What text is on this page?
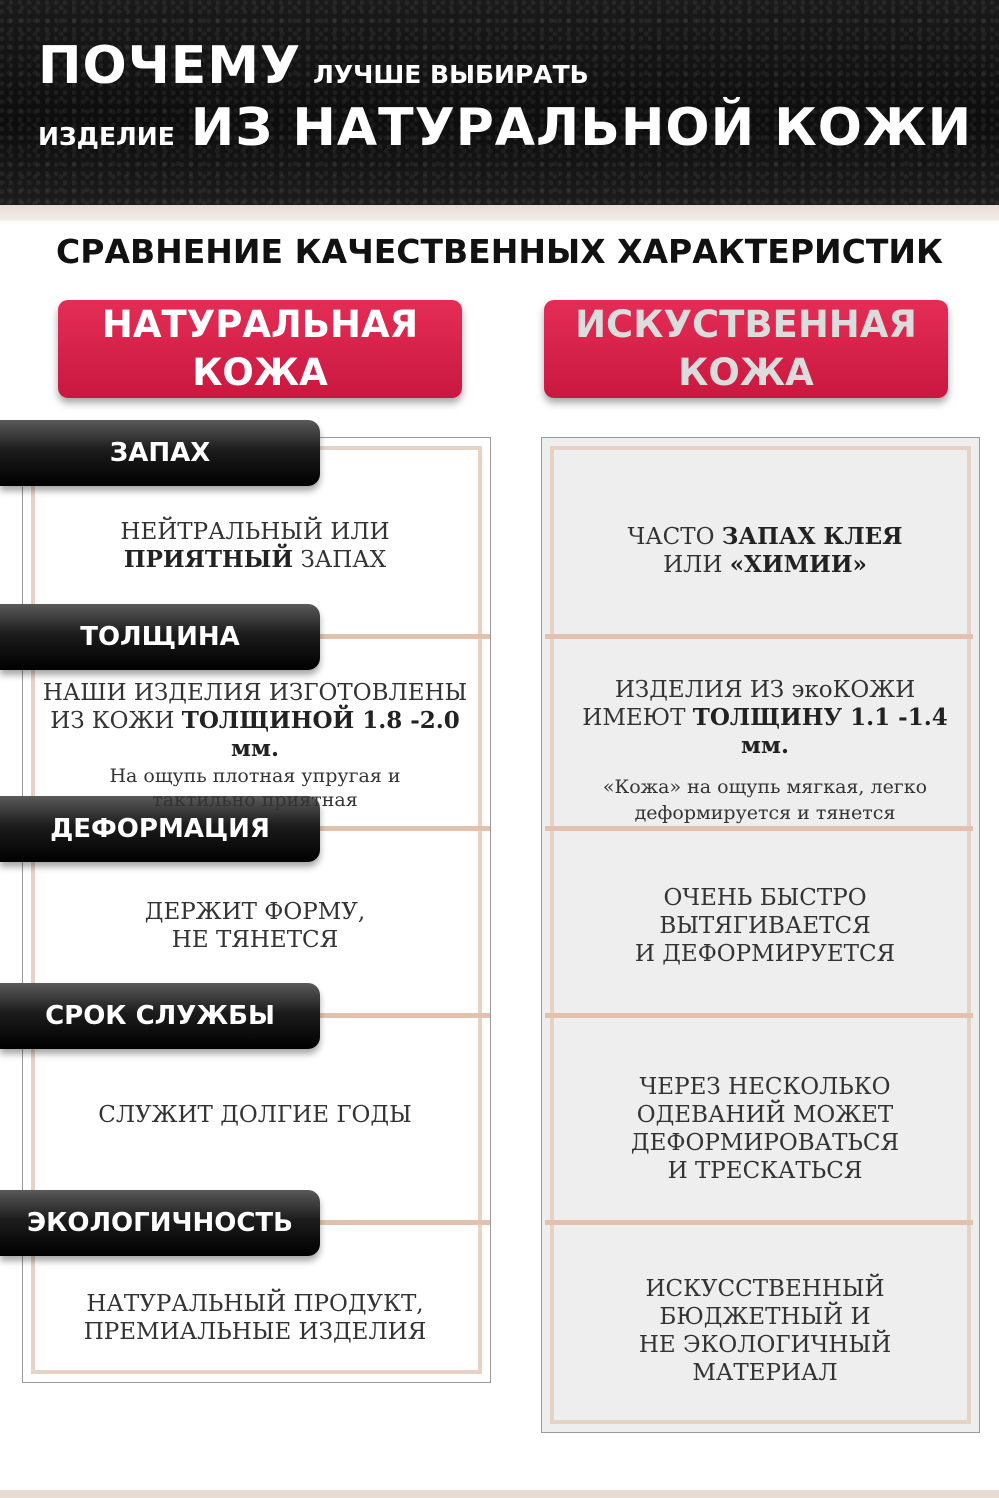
ПОЧЕМУ ЛУЧШЕ ВЫБИРАТЬ
ИЗДЕЛИЕ ИЗ НАТУРАЛЬНОЙ КОЖИ
СРАВНЕНИЕ КАЧЕСТВЕННЫХ ХАРАКТЕРИСТИК
НАТУРАЛЬНАЯ
КОЖА
ИСКУСТВЕННАЯ
КОЖА
ЗАПАХ
ТОЛЩИНА
ДЕФОРМАЦИЯ
СРОК СЛУЖБЫ
ЭКОЛОГИЧНОСТЬ
НЕЙТРАЛЬНЫЙ ИЛИ
ПРИЯТНЫЙ ЗАПАХ
ЧАСТО ЗАПАХ КЛЕЯ
ИЛИ «ХИМИИ»
НАШИ ИЗДЕЛИЯ ИЗГОТОВЛЕНЫ
ИЗ КОЖИ ТОЛЩИНОЙ 1.8 -2.0 мм.
На ощупь плотная упругая и
тактильно приятная
ИЗДЕЛИЯ ИЗ экоКОЖИ
ИМЕЮТ ТОЛЩИНУ 1.1 -1.4 мм.
«Кожа» на ощупь мягкая, легко
деформируется и тянется
ДЕРЖИТ ФОРМУ,
НЕ ТЯНЕТСЯ
ОЧЕНЬ БЫСТРО
ВЫТЯГИВАЕТСЯ
И ДЕФОРМИРУЕТСЯ
СЛУЖИТ ДОЛГИЕ ГОДЫ
ЧЕРЕЗ НЕСКОЛЬКО
ОДЕВАНИЙ МОЖЕТ
ДЕФОРМИРОВАТЬСЯ
И ТРЕСКАТЬСЯ
НАТУРАЛЬНЫЙ ПРОДУКТ,
ПРЕМИАЛЬНЫЕ ИЗДЕЛИЯ
ИСКУССТВЕННЫЙ
БЮДЖЕТНЫЙ И
НЕ ЭКОЛОГИЧНЫЙ
МАТЕРИАЛ
